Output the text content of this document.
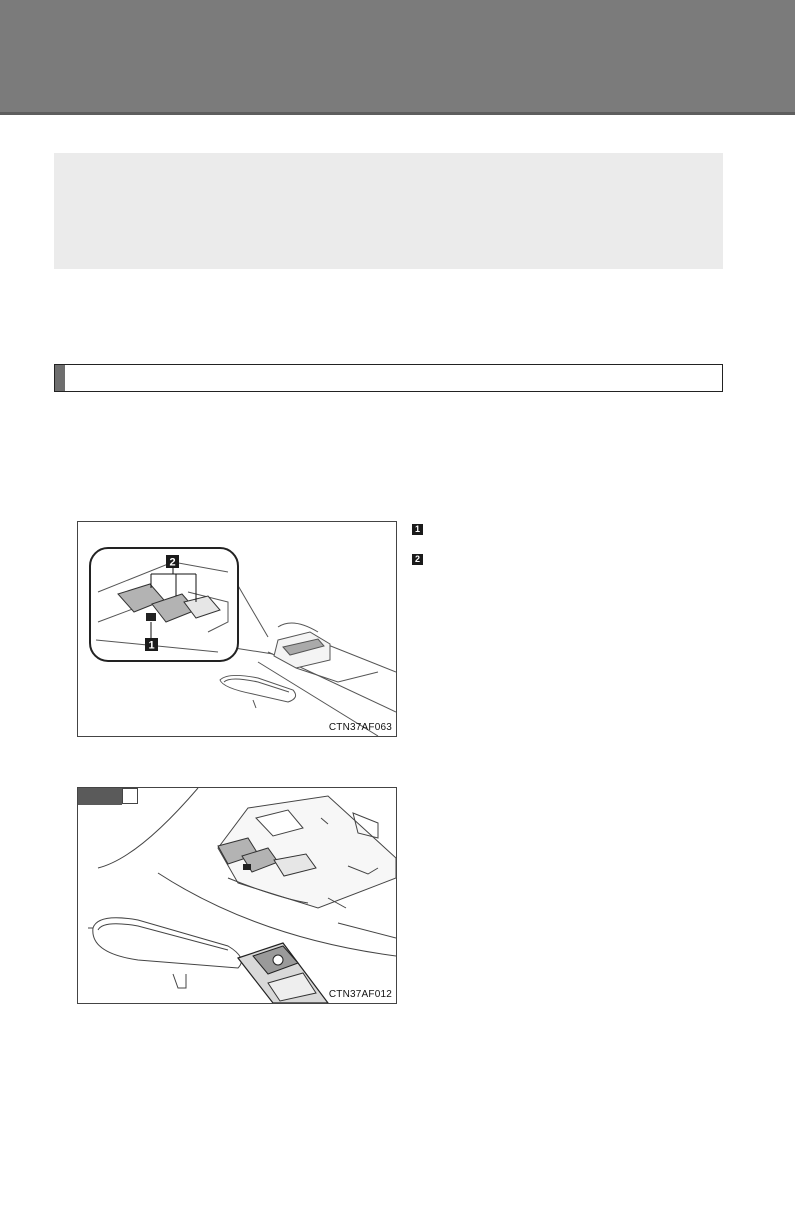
2
1
CTN37AF063
1
2
CTN37AF012
